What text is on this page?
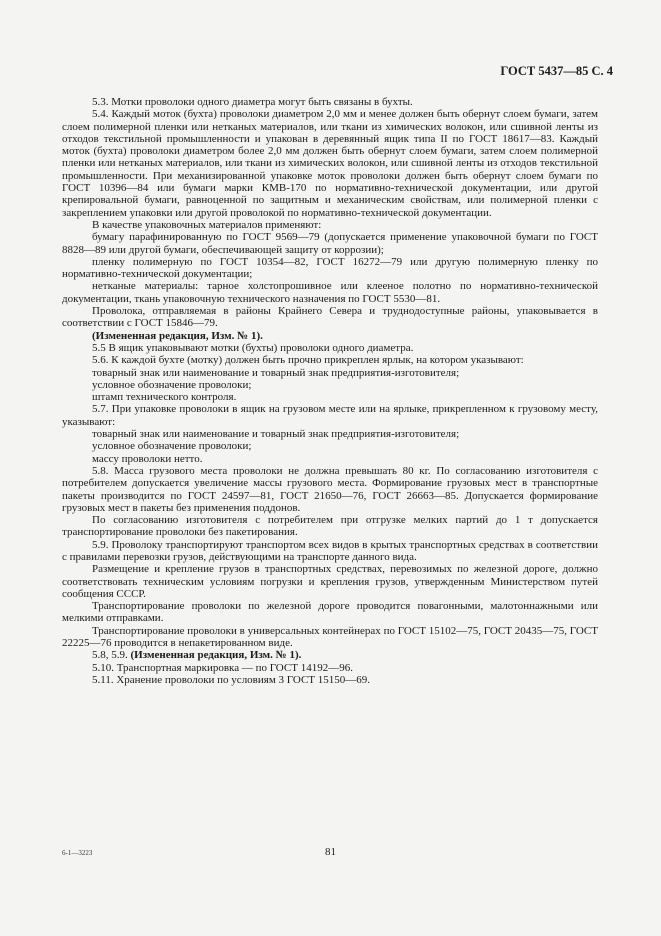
ГОСТ 5437—85 С. 4

5.3. Мотки проволоки одного диаметра могут быть связаны в бухты.

5.4. Каждый моток (бухта) проволоки диаметром 2,0 мм и менее должен быть обернут слоем бумаги, затем слоем полимерной пленки или нетканых материалов, или ткани из химических волокон, или сшивной ленты из отходов текстильной промышленности и упакован в деревянный ящик типа II по ГОСТ 18617—83. Каждый моток (бухта) проволоки диаметром более 2,0 мм должен быть обернут слоем бумаги, затем слоем полимерной пленки или нетканых материалов, или ткани из химических волокон, или сшивной ленты из отходов текстильной промышленности. При механизированной упаковке моток проволоки должен быть обернут слоем бумаги по ГОСТ 10396—84 или бумаги марки КМВ-170 по нормативно-технической документации, или другой крепировальной бумаги, равноценной по защитным и механическим свойствам, или полимерной пленки с закреплением упаковки или другой проволокой по нормативно-технической документации.

В качестве упаковочных материалов применяют:

бумагу парафинированную по ГОСТ 9569—79 (допускается применение упаковочной бумаги по ГОСТ 8828—89 или другой бумаги, обеспечивающей защиту от коррозии);

пленку полимерную по ГОСТ 10354—82, ГОСТ 16272—79 или другую полимерную пленку по нормативно-технической документации;

нетканые материалы: тарное холстопрошивное или клееное полотно по нормативно-технической документации, ткань упаковочную технического назначения по ГОСТ 5530—81.

Проволока, отправляемая в районы Крайнего Севера и труднодоступные районы, упаковывается в соответствии с ГОСТ 15846—79.

(Измененная редакция, Изм. № 1).

5.5 В ящик упаковывают мотки (бухты) проволоки одного диаметра.

5.6. К каждой бухте (мотку) должен быть прочно прикреплен ярлык, на котором указывают:

товарный знак или наименование и товарный знак предприятия-изготовителя;

условное обозначение проволоки;

штамп технического контроля.

5.7. При упаковке проволоки в ящик на грузовом месте или на ярлыке, прикрепленном к грузовому месту, указывают:

товарный знак или наименование и товарный знак предприятия-изготовителя;

условное обозначение проволоки;

массу проволоки нетто.

5.8. Масса грузового места проволоки не должна превышать 80 кг. По согласованию изготовителя с потребителем допускается увеличение массы грузового места. Формирование грузовых мест в транспортные пакеты производится по ГОСТ 24597—81, ГОСТ 21650—76, ГОСТ 26663—85. Допускается формирование грузовых мест в пакеты без применения поддонов.

По согласованию изготовителя с потребителем при отгрузке мелких партий до 1 т допускается транспортирование проволоки без пакетирования.

5.9. Проволоку транспортируют транспортом всех видов в крытых транспортных средствах в соответствии с правилами перевозки грузов, действующими на транспорте данного вида.

Размещение и крепление грузов в транспортных средствах, перевозимых по железной дороге, должно соответствовать техническим условиям погрузки и крепления грузов, утвержденным Министерством путей сообщения СССР.

Транспортирование проволоки по железной дороге проводится повагонными, малотоннажными или мелкими отправками.

Транспортирование проволоки в универсальных контейнерах по ГОСТ 15102—75, ГОСТ 20435—75, ГОСТ 22225—76 проводится в непакетированном виде.

5.8, 5.9. (Измененная редакция, Изм. № 1).

5.10. Транспортная маркировка — по ГОСТ 14192—96.

5.11. Хранение проволоки по условиям 3 ГОСТ 15150—69.

6-1—3223	81
